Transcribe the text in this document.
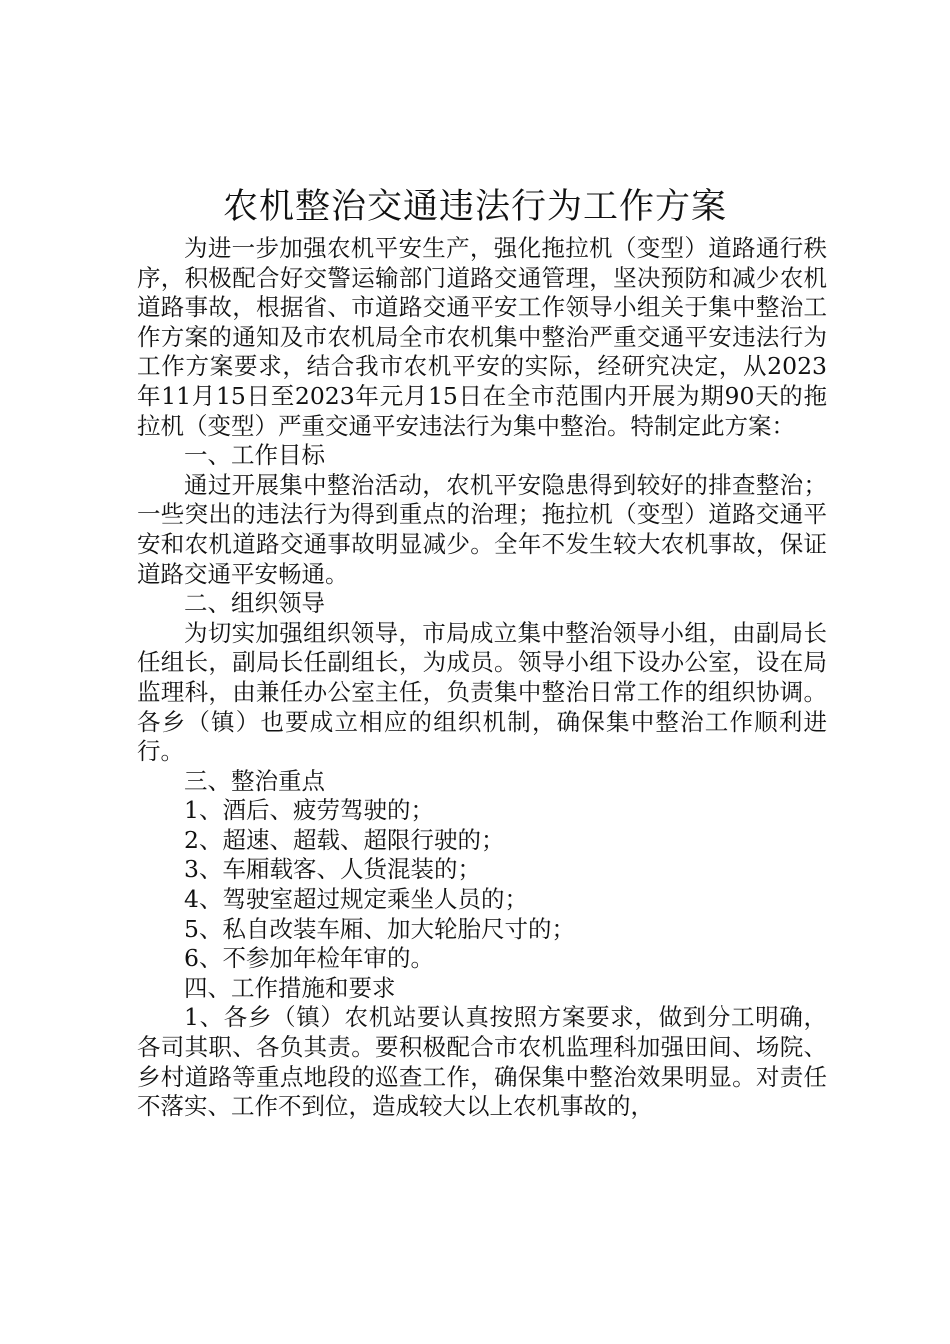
农机整治交通违法行为工作方案

为进一步加强农机平安生产，强化拖拉机（变型）道路通行秩序，积极配合好交警运输部门道路交通管理，坚决预防和减少农机道路事故，根据省、市道路交通平安工作领导小组关于集中整治工作方案的通知及市农机局全市农机集中整治严重交通平安违法行为工作方案要求，结合我市农机平安的实际，经研究决定，从2023年11月15日至2023年元月15日在全市范围内开展为期90天的拖拉机（变型）严重交通平安违法行为集中整治。特制定此方案：

一、工作目标

通过开展集中整治活动，农机平安隐患得到较好的排查整治；一些突出的违法行为得到重点的治理；拖拉机（变型）道路交通平安和农机道路交通事故明显减少。全年不发生较大农机事故，保证道路交通平安畅通。

二、组织领导

为切实加强组织领导，市局成立集中整治领导小组，由副局长任组长，副局长任副组长，为成员。领导小组下设办公室，设在局监理科，由兼任办公室主任，负责集中整治日常工作的组织协调。各乡（镇）也要成立相应的组织机制，确保集中整治工作顺利进行。

三、整治重点

1、酒后、疲劳驾驶的；

2、超速、超载、超限行驶的；

3、车厢载客、人货混装的；

4、驾驶室超过规定乘坐人员的；

5、私自改装车厢、加大轮胎尺寸的；

6、不参加年检年审的。

四、工作措施和要求

1、各乡（镇）农机站要认真按照方案要求，做到分工明确，各司其职、各负其责。要积极配合市农机监理科加强田间、场院、乡村道路等重点地段的巡查工作，确保集中整治效果明显。对责任不落实、工作不到位，造成较大以上农机事故的，
